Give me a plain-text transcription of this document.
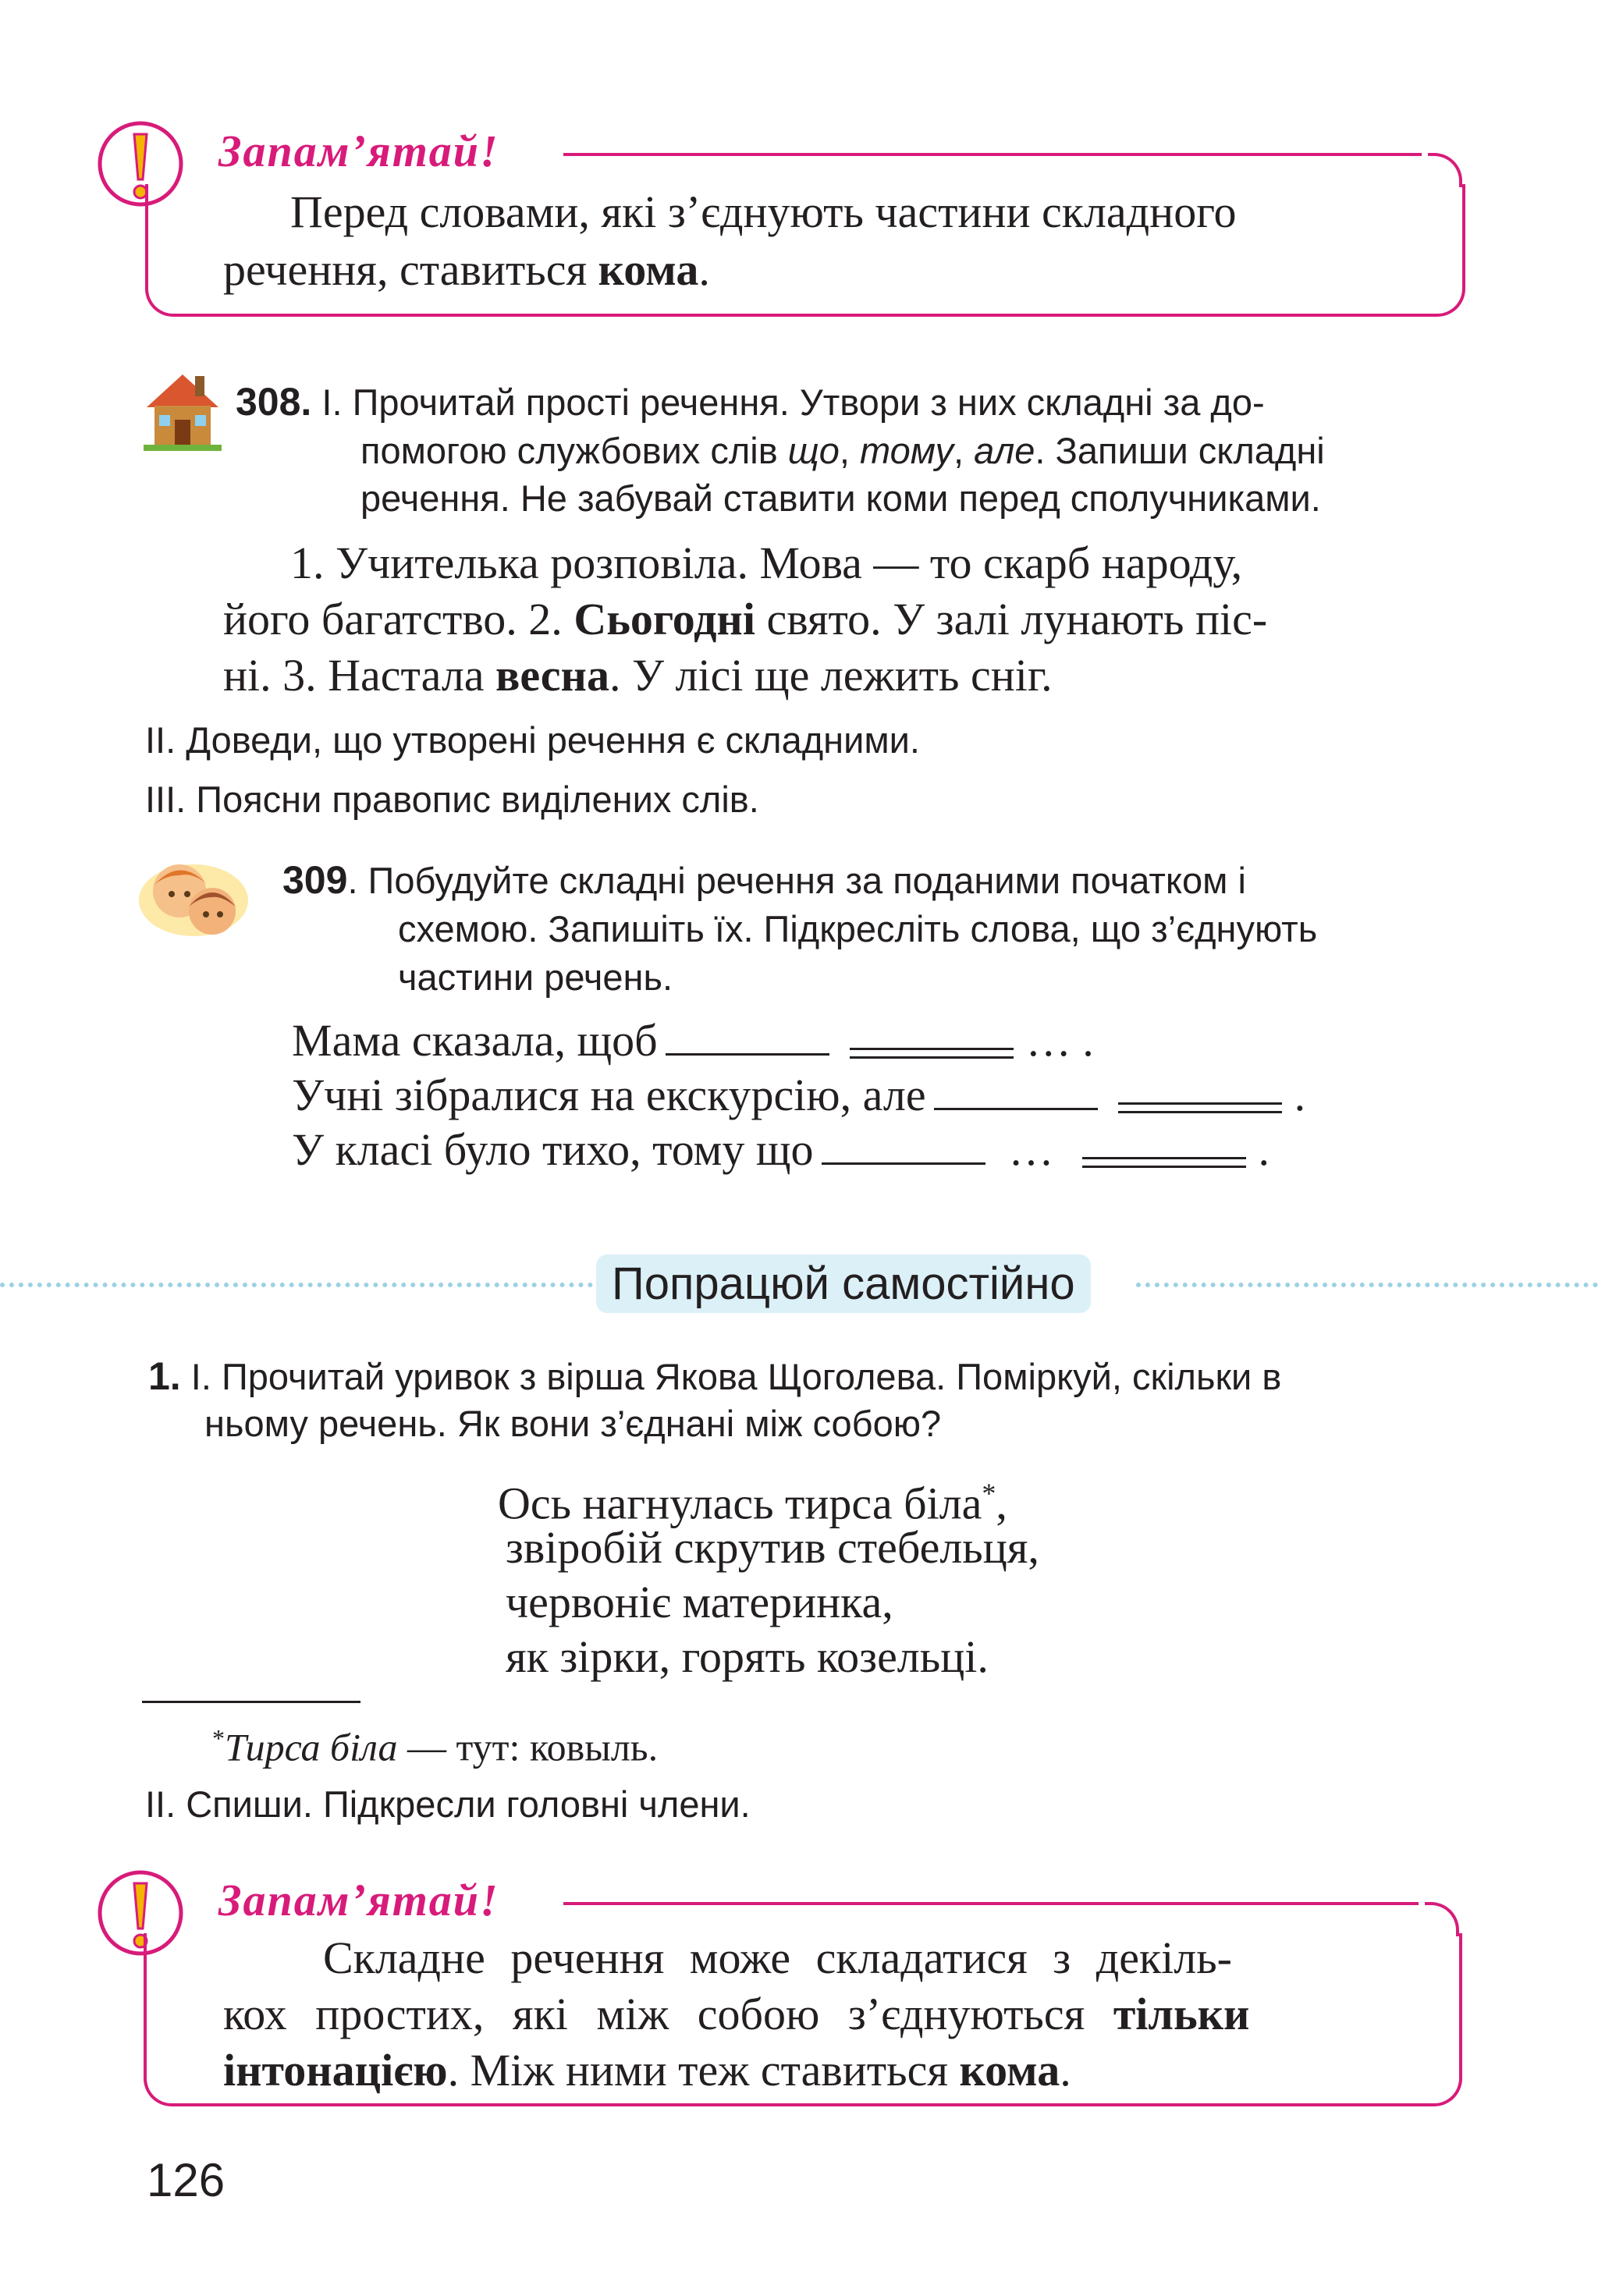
Запам’ятай!
Перед словами, які з’єднують частини складного
речення, ставиться кома.
308. І. Прочитай прості речення. Утвори з них складні за до-
помогою службових слів що, тому, але. Запиши складні
речення. Не забувай ставити коми перед сполучниками.
1. Учителька розповіла. Мова — то скарб народу,
його багатство. 2. Сьогодні свято. У залі лунають піс-
ні. 3. Настала весна. У лісі ще лежить сніг.
ІІ. Доведи, що утворені речення є складними.
ІІІ. Поясни правопис виділених слів.
309. Побудуйте складні речення за поданими початком і
схемою. Запишіть їх. Підкресліть слова, що з’єднують
частини речень.
Мама сказала, щоб	… .
Учні зібралися на екскурсію, але	.
У класі було тихо, тому що	…	.
Попрацюй самостійно
1. І. Прочитай уривок з вірша Якова Щоголева. Поміркуй, скільки в
ньому речень. Як вони з’єднані між собою?
Ось нагнулась тирса біла*,
звіробій скрутив стебельця,
червоніє материнка,
як зірки, горять козельці.
*Тирса біла — тут: ковыль.
ІІ. Спиши. Підкресли головні члени.
Запам’ятай!
Складне речення може складатися з декіль-
кох простих, які між собою з’єднуються тільки
інтонацією. Між ними теж ставиться кома.
126
